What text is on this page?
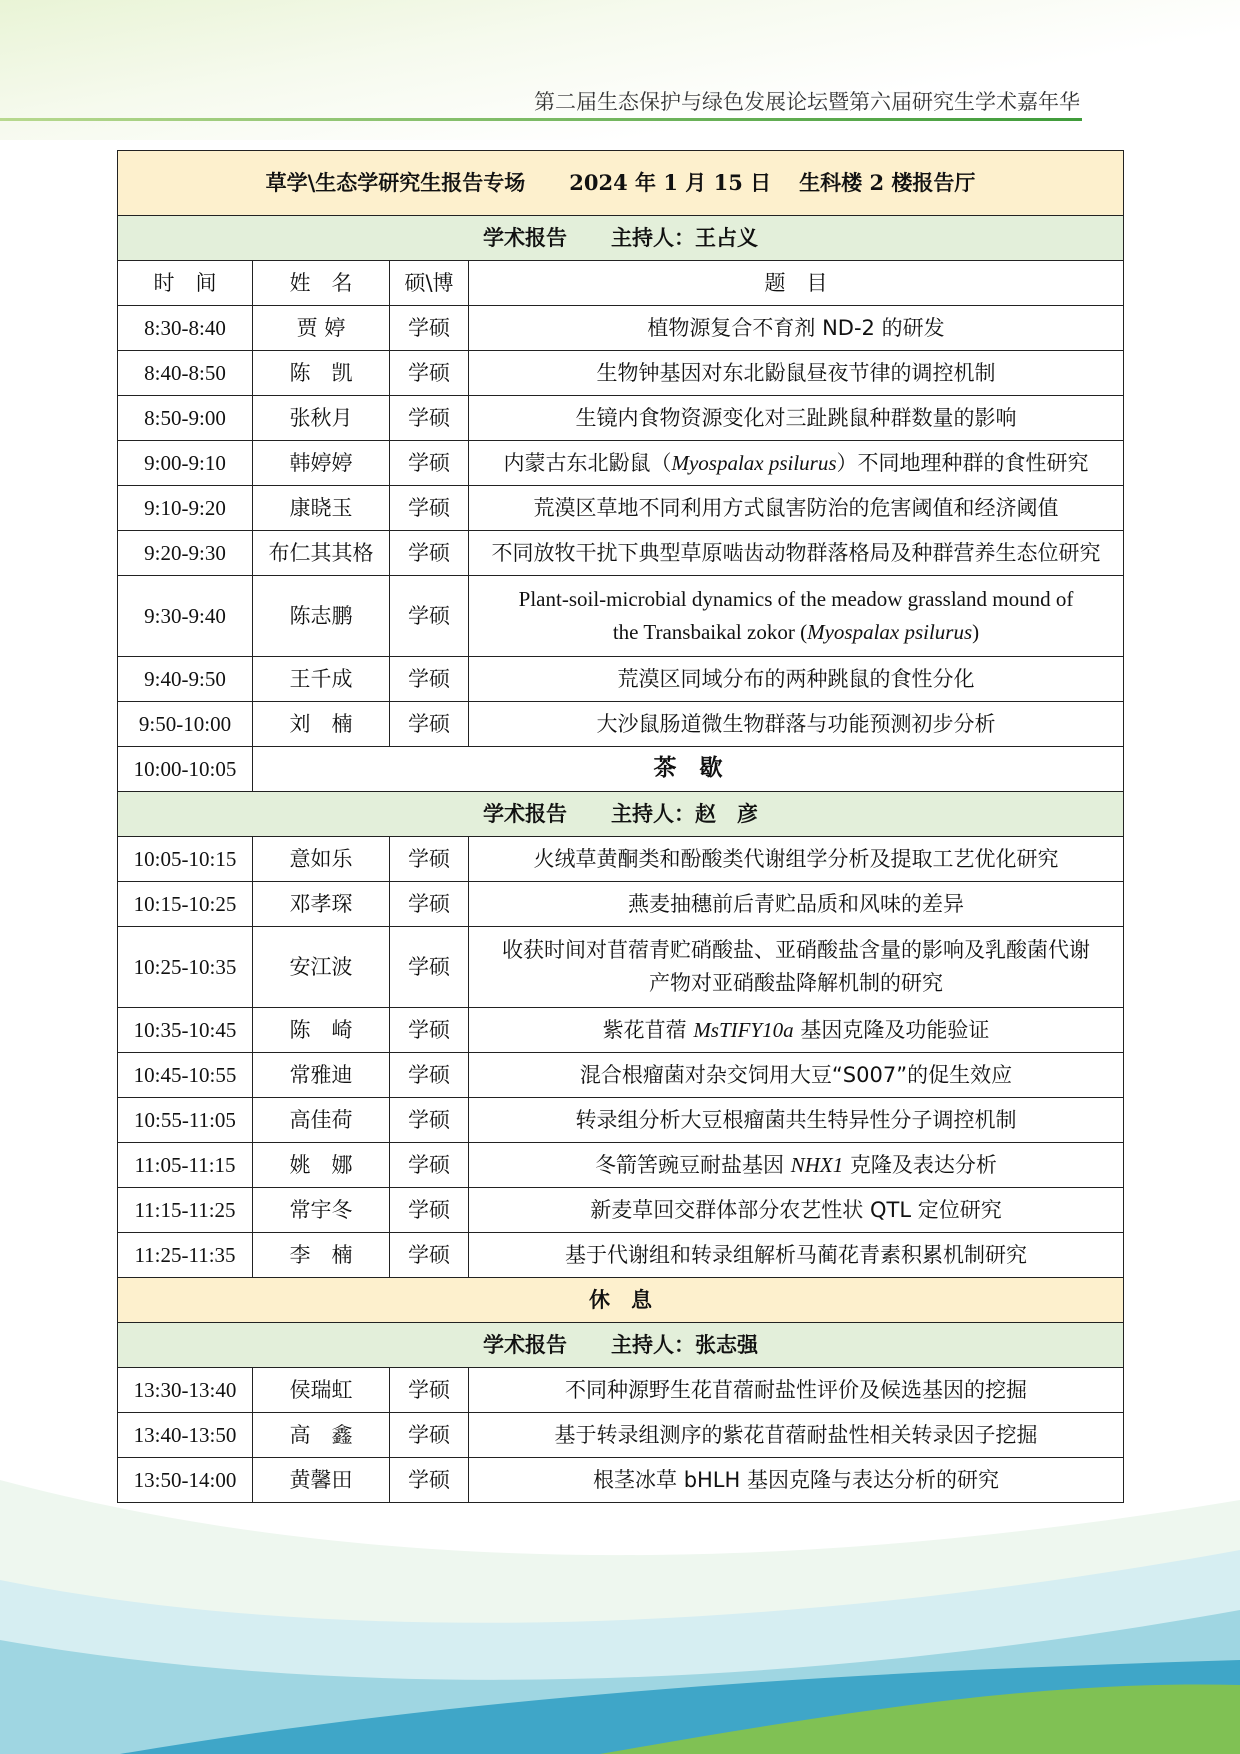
第二届生态保护与绿色发展论坛暨第六届研究生学术嘉年华
草学\生态学研究生报告专场 2024 年 1 月 15 日 生科楼 2 楼报告厅			
学术报告 主持人：王占义			
时　间	姓　名	硕\博	题　目
8:30-8:40	贾 婷	学硕	植物源复合不育剂 ND-2 的研发
8:40-8:50	陈　凯	学硕	生物钟基因对东北鼢鼠昼夜节律的调控机制
8:50-9:00	张秋月	学硕	生镜内食物资源变化对三趾跳鼠种群数量的影响
9:00-9:10	韩婷婷	学硕	内蒙古东北鼢鼠（Myospalax psilurus）不同地理种群的食性研究
9:10-9:20	康晓玉	学硕	荒漠区草地不同利用方式鼠害防治的危害阈值和经济阈值
9:20-9:30	布仁其其格	学硕	不同放牧干扰下典型草原啮齿动物群落格局及种群营养生态位研究
9:30-9:40	陈志鹏	学硕	Plant-soil-microbial dynamics of the meadow grassland mound of
the Transbaikal zokor (Myospalax psilurus)

9:40-9:50	王千成	学硕	荒漠区同域分布的两种跳鼠的食性分化
9:50-10:00	刘　楠	学硕	大沙鼠肠道微生物群落与功能预测初步分析
10:00-10:05	茶　歇		
学术报告 主持人：赵　彦			
10:05-10:15	意如乐	学硕	火绒草黄酮类和酚酸类代谢组学分析及提取工艺优化研究
10:15-10:25	邓孝琛	学硕	燕麦抽穗前后青贮品质和风味的差异
10:25-10:35	安江波	学硕	收获时间对苜蓿青贮硝酸盐、亚硝酸盐含量的影响及乳酸菌代谢
产物对亚硝酸盐降解机制的研究

10:35-10:45	陈　崎	学硕	紫花苜蓿 MsTIFY10a 基因克隆及功能验证
10:45-10:55	常雅迪	学硕	混合根瘤菌对杂交饲用大豆“S007”的促生效应
10:55-11:05	高佳荷	学硕	转录组分析大豆根瘤菌共生特异性分子调控机制
11:05-11:15	姚　娜	学硕	冬箭筈豌豆耐盐基因 NHX1 克隆及表达分析
11:15-11:25	常宇冬	学硕	新麦草回交群体部分农艺性状 QTL 定位研究
11:25-11:35	李　楠	学硕	基于代谢组和转录组解析马蔺花青素积累机制研究
休　息			
学术报告 主持人：张志强			
13:30-13:40	侯瑞虹	学硕	不同种源野生花苜蓿耐盐性评价及候选基因的挖掘
13:40-13:50	高　鑫	学硕	基于转录组测序的紫花苜蓿耐盐性相关转录因子挖掘
13:50-14:00	黄馨田	学硕	根茎冰草 bHLH 基因克隆与表达分析的研究
